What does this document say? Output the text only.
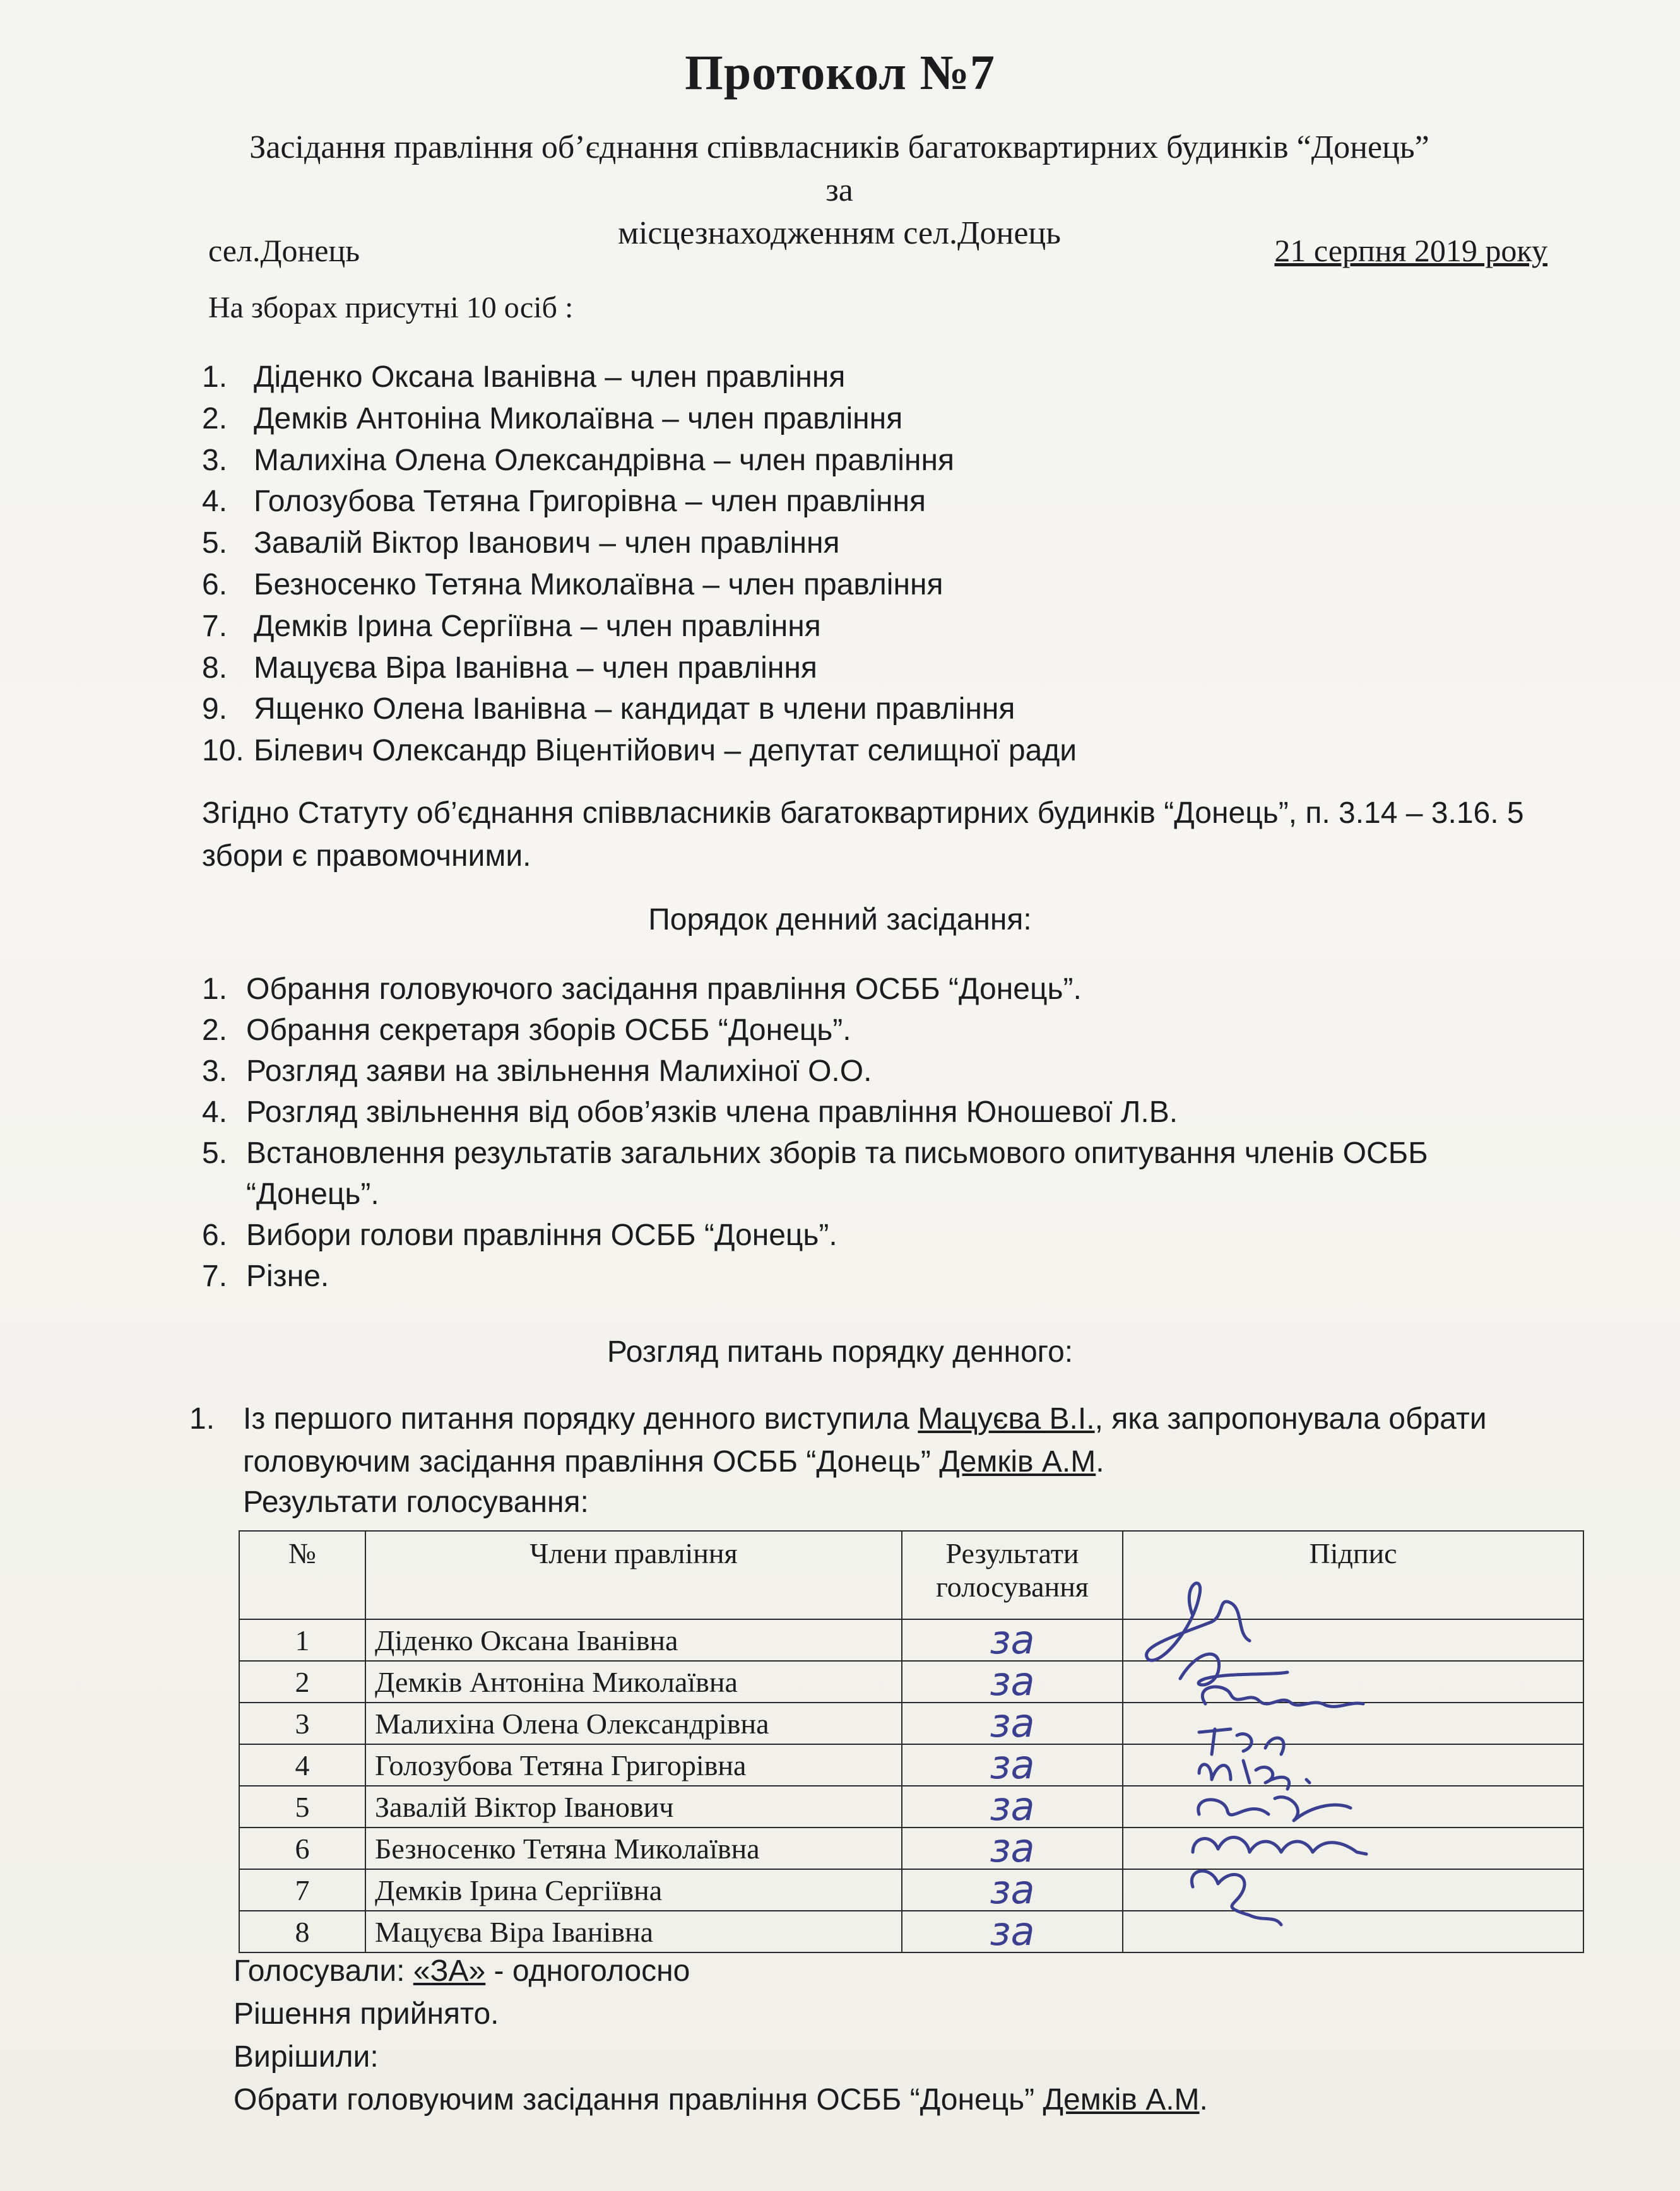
Протокол №7
Засідання правління об’єднання співвласників багатоквартирних будинків “Донець” за
місцезнаходженням сел.Донець
сел.Донець	21 серпня 2019 року
На зборах присутні 10 осіб :
1. Діденко Оксана Іванівна – член правління
2. Демків Антоніна Миколаївна – член правління
3. Малихіна Олена Олександрівна – член правління
4. Голозубова Тетяна Григорівна – член правління
5. Завалій Віктор Іванович – член правління
6. Безносенко Тетяна Миколаївна – член правління
7. Демків Ірина Сергіївна – член правління
8. Мацуєва Віра Іванівна – член правління
9. Ященко Олена Іванівна – кандидат в члени правління
10. Білевич Олександр Віцентійович – депутат селищної ради
Згідно Статуту об’єднання співвласників багатоквартирних будинків “Донець”, п. 3.14 – 3.16. 5 збори є правомочними.
Порядок денний засідання:
1. Обрання головуючого засідання правління ОСББ “Донець”.
2. Обрання секретаря зборів ОСББ “Донець”.
3. Розгляд заяви на звільнення Малихіної О.О.
4. Розгляд звільнення від обов’язків члена правління Юношевої Л.В.
5. Встановлення результатів загальних зборів та письмового опитування членів ОСББ “Донець”.
6. Вибори голови правління ОСББ “Донець”.
7. Різне.
Розгляд питань порядку денного:
1. Із першого питання порядку денного виступила Мацуєва В.І., яка запропонувала обрати головуючим засідання правління ОСББ “Донець” Демків А.М.
Результати голосування:
№	Члени правління	Результати голосування	Підпис
1	Діденко Оксана Іванівна	за	
2	Демків Антоніна Миколаївна	за	
3	Малихіна Олена Олександрівна	за	
4	Голозубова Тетяна Григорівна	за	
5	Завалій Віктор Іванович	за	
6	Безносенко Тетяна Миколаївна	за	
7	Демків Ірина Сергіївна	за	
8	Мацуєва Віра Іванівна	за	
Голосували: «ЗА» - одноголосно
Рішення прийнято.
Вирішили:
Обрати головуючим засідання правління ОСББ “Донець” Демків А.М.
